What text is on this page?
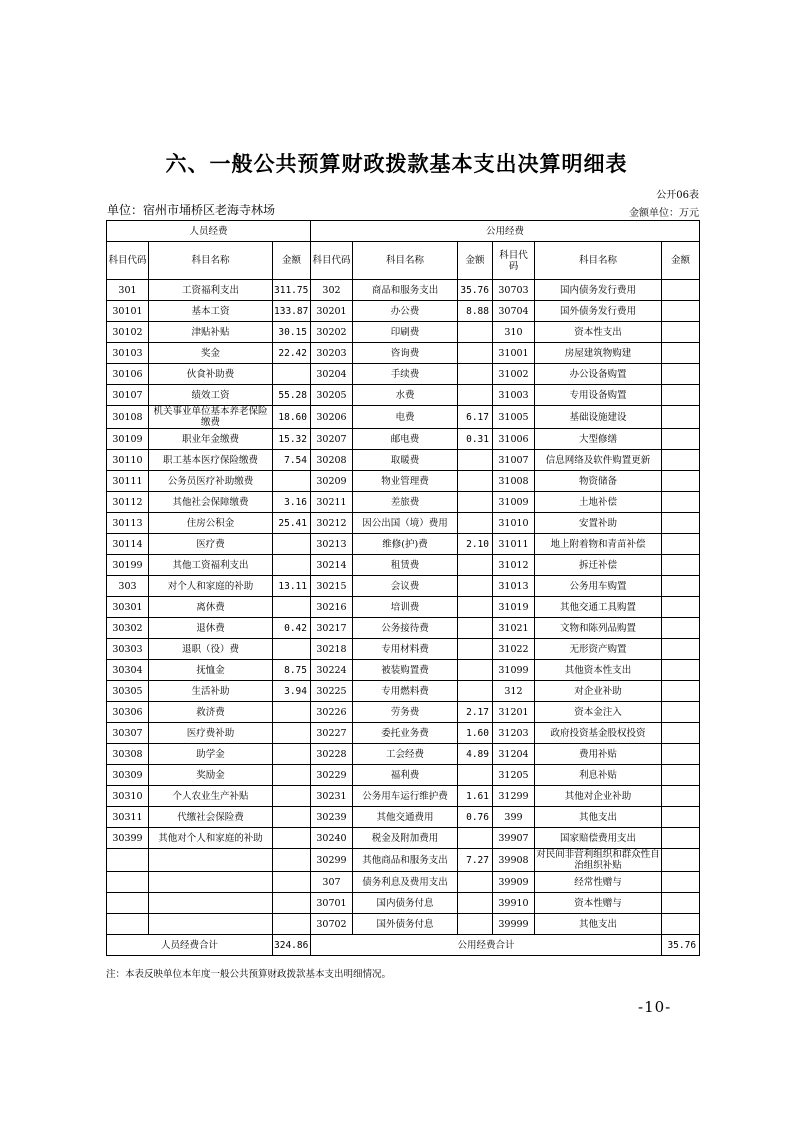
六、一般公共预算财政拨款基本支出决算明细表
公开06表
单位：宿州市埇桥区老海寺林场	金额单位：万元
人员经费			公用经费					
科目代码	科目名称	金额	科目代码	科目名称	金额	科目代码	科目名称	金额
301	工资福利支出	311.75	302	商品和服务支出	35.76	30703	国内债务发行费用	
30101	基本工资	133.87	30201	办公费	8.88	30704	国外债务发行费用	
30102	津贴补贴	30.15	30202	印刷费		310	资本性支出	
30103	奖金	22.42	30203	咨询费		31001	房屋建筑物购建	
30106	伙食补助费		30204	手续费		31002	办公设备购置	
30107	绩效工资	55.28	30205	水费		31003	专用设备购置	
30108	机关事业单位基本养老保险缴费	18.60	30206	电费	6.17	31005	基础设施建设	
30109	职业年金缴费	15.32	30207	邮电费	0.31	31006	大型修缮	
30110	职工基本医疗保险缴费	7.54	30208	取暖费		31007	信息网络及软件购置更新	
30111	公务员医疗补助缴费		30209	物业管理费		31008	物资储备	
30112	其他社会保障缴费	3.16	30211	差旅费		31009	土地补偿	
30113	住房公积金	25.41	30212	因公出国（境）费用		31010	安置补助	
30114	医疗费		30213	维修(护)费	2.10	31011	地上附着物和青苗补偿	
30199	其他工资福利支出		30214	租赁费		31012	拆迁补偿	
303	对个人和家庭的补助	13.11	30215	会议费		31013	公务用车购置	
30301	离休费		30216	培训费		31019	其他交通工具购置	
30302	退休费	0.42	30217	公务接待费		31021	文物和陈列品购置	
30303	退职（役）费		30218	专用材料费		31022	无形资产购置	
30304	抚恤金	8.75	30224	被装购置费		31099	其他资本性支出	
30305	生活补助	3.94	30225	专用燃料费		312	对企业补助	
30306	救济费		30226	劳务费	2.17	31201	资本金注入	
30307	医疗费补助		30227	委托业务费	1.60	31203	政府投资基金股权投资	
30308	助学金		30228	工会经费	4.89	31204	费用补贴	
30309	奖励金		30229	福利费		31205	利息补贴	
30310	个人农业生产补贴		30231	公务用车运行维护费	1.61	31299	其他对企业补助	
30311	代缴社会保险费		30239	其他交通费用	0.76	399	其他支出	
30399	其他对个人和家庭的补助		30240	税金及附加费用		39907	国家赔偿费用支出	
			30299	其他商品和服务支出	7.27	39908	对民间非营利组织和群众性自治组织补贴	
			307	债务利息及费用支出		39909	经常性赠与	
			30701	国内债务付息		39910	资本性赠与	
			30702	国外债务付息		39999	其他支出	
人员经费合计		324.86	公用经费合计					35.76
注：本表反映单位本年度一般公共预算财政拨款基本支出明细情况。
-10-
